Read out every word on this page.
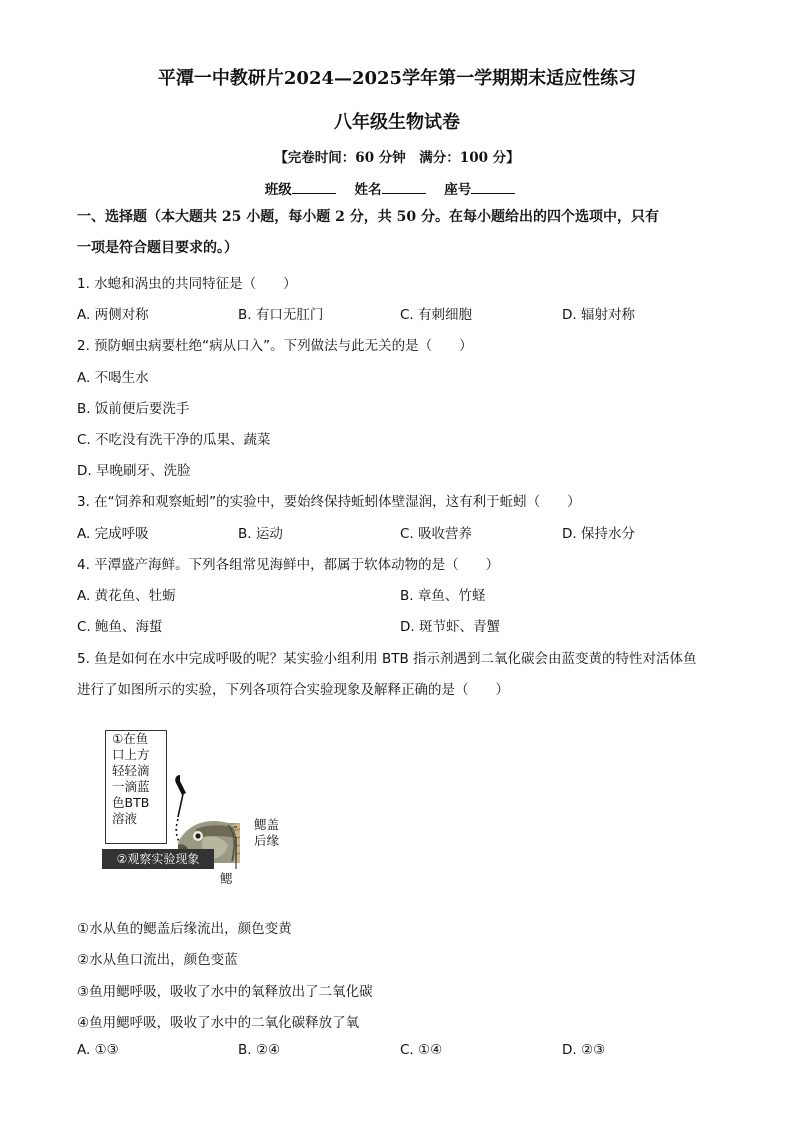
平潭一中教研片2024—2025学年第一学期期末适应性练习
八年级生物试卷
【完卷时间：60 分钟　满分：100 分】
班级	姓名	座号
一、选择题（本大题共 25 小题，每小题 2 分，共 50 分。在每小题给出的四个选项中，只有
一项是符合题目要求的。）
1. 水螅和涡虫的共同特征是（　　）
A. 两侧对称	B. 有口无肛门	C. 有刺细胞	D. 辐射对称
2. 预防蛔虫病要杜绝“病从口入”。下列做法与此无关的是（　　）
A. 不喝生水
B. 饭前便后要洗手
C. 不吃没有洗干净的瓜果、蔬菜
D. 早晚刷牙、洗脸
3. 在“饲养和观察蚯蚓”的实验中，要始终保持蚯蚓体壁湿润，这有利于蚯蚓（　　）
A. 完成呼吸	B. 运动	C. 吸收营养	D. 保持水分
4. 平潭盛产海鲜。下列各组常见海鲜中，都属于软体动物的是（　　）
A. 黄花鱼、牡蛎	B. 章鱼、竹蛏
C. 鲍鱼、海蜇	D. 斑节虾、青蟹
5. 鱼是如何在水中完成呼吸的呢？某实验小组利用 BTB 指示剂遇到二氧化碳会由蓝变黄的特性对活体鱼
进行了如图所示的实验，下列各项符合实验现象及解释正确的是（　　）
①在鱼
口上方
轻轻滴
一滴蓝
色BTB
溶液	鳃盖
后缘
鳃
②观察实验现象
①水从鱼的鳃盖后缘流出，颜色变黄
②水从鱼口流出，颜色变蓝
③鱼用鳃呼吸，吸收了水中的氧释放出了二氧化碳
④鱼用鳃呼吸，吸收了水中的二氧化碳释放了氧
A. ①③	B. ②④	C. ①④	D. ②③
